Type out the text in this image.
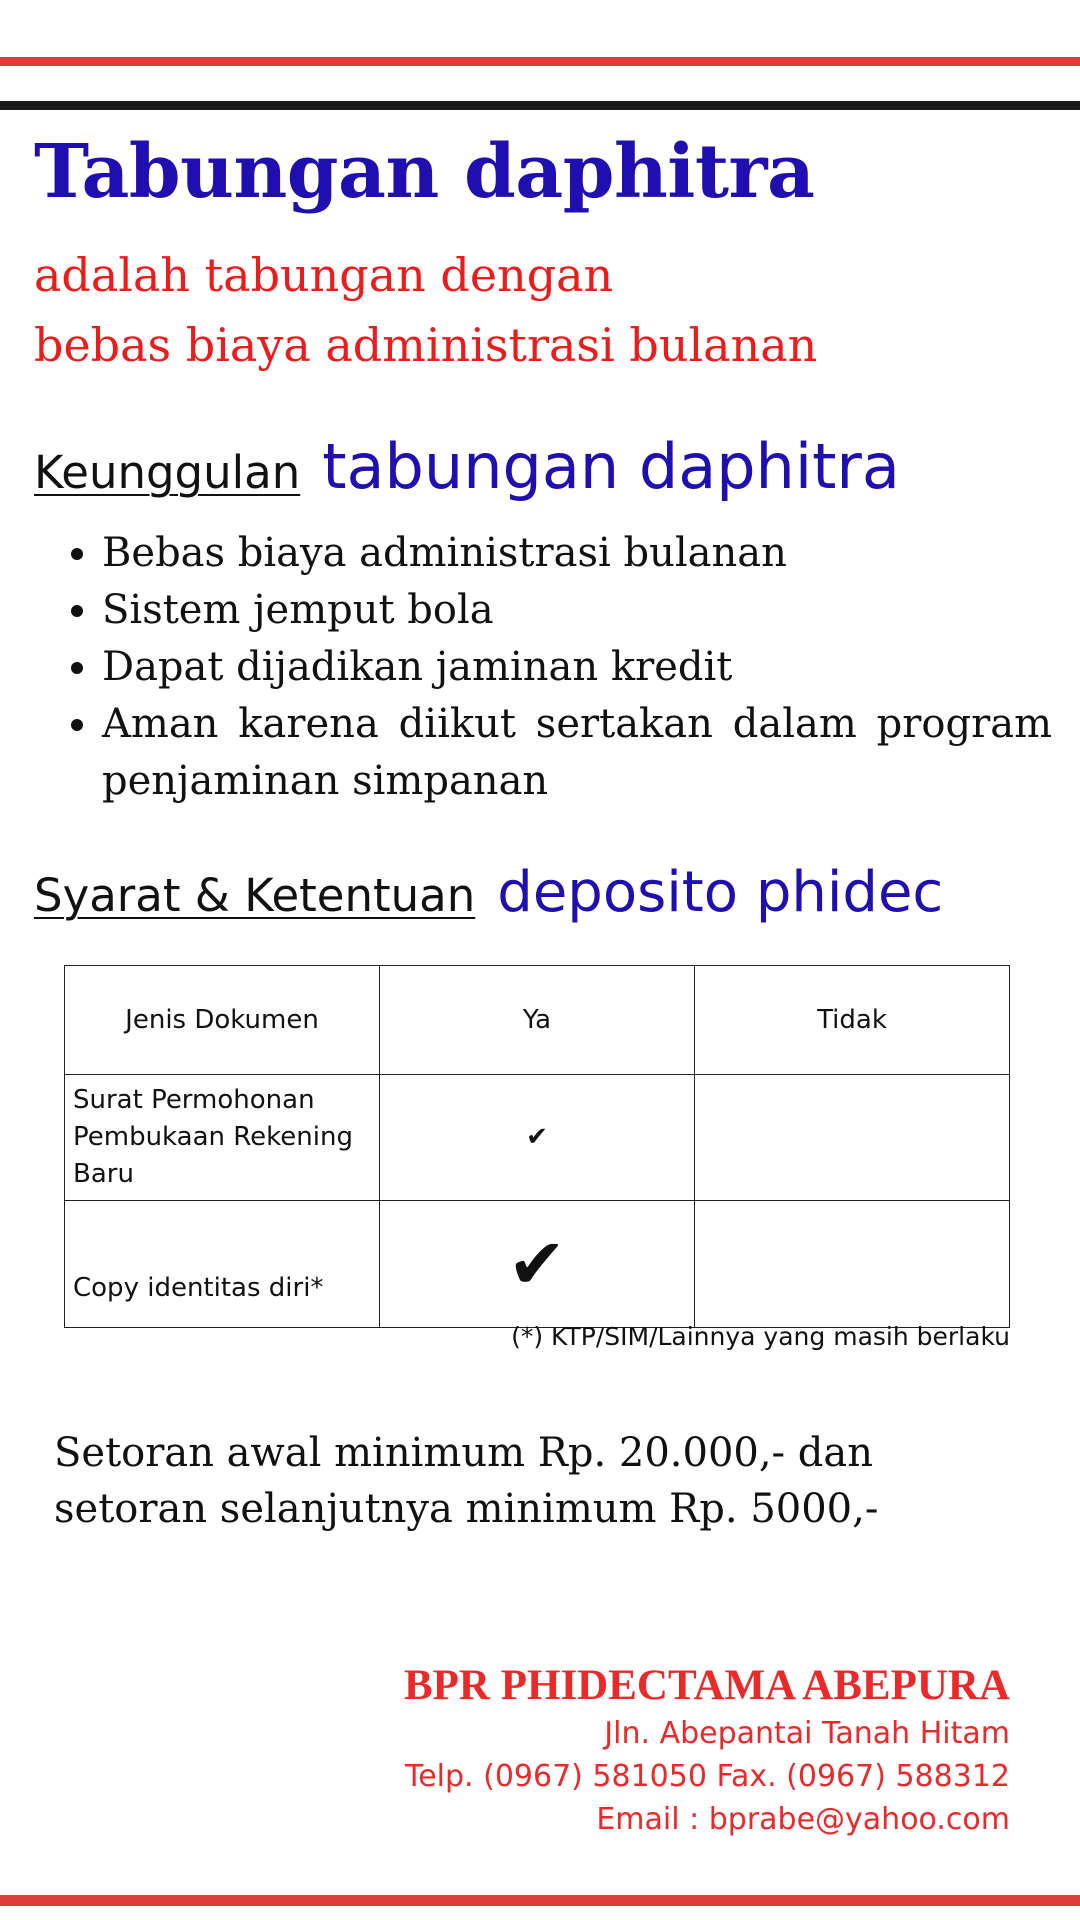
Tabungan daphitra
adalah tabungan dengan
bebas biaya administrasi bulanan
Keunggulan tabungan daphitra
• Bebas biaya administrasi bulanan
• Sistem jemput bola
• Dapat dijadikan jaminan kredit
• Aman karena diikut sertakan dalam program penjaminan simpanan
Syarat & Ketentuan deposito phidec
Jenis Dokumen	Ya	Tidak
Surat Permohonan Pembukaan Rekening Baru	✔	
Copy identitas diri*	✔	
(*) KTP/SIM/Lainnya yang masih berlaku
Setoran awal minimum Rp. 20.000,- dan
setoran selanjutnya minimum Rp. 5000,-
BPR PHIDECTAMA ABEPURA
Jln. Abepantai Tanah Hitam
Telp. (0967) 581050 Fax. (0967) 588312
Email : bprabe@yahoo.com
